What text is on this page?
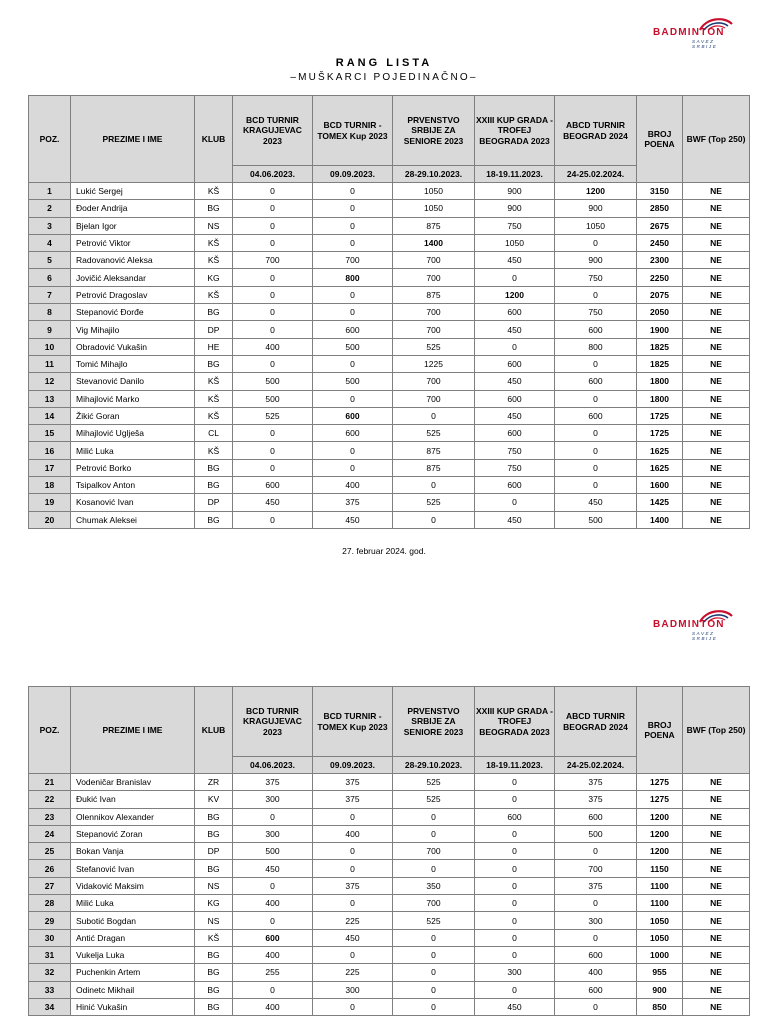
BADMINTON
SAVEZ SRBIJE
RANG LISTA
–MUŠKARCI POJEDINAČNO–
POZ.	PREZIME I IME	KLUB	BCD TURNIR KRAGUJEVAC 2023	BCD TURNIR - TOMEX Kup 2023	PRVENSTVO SRBIJE ZA SENIORE 2023	XXIII KUP GRADA - TROFEJ BEOGRADA 2023	ABCD TURNIR BEOGRAD 2024	BROJ POENA	BWF (Top 250)
			04.06.2023.	09.09.2023.	28-29.10.2023.	18-19.11.2023.	24-25.02.2024.		
1	Lukić Sergej	KŠ	0	0	1050	900	1200	3150	NE
2	Đoder Andrija	BG	0	0	1050	900	900	2850	NE
3	Bjelan Igor	NS	0	0	875	750	1050	2675	NE
4	Petrović Viktor	KŠ	0	0	1400	1050	0	2450	NE
5	Radovanović Aleksa	KŠ	700	700	700	450	900	2300	NE
6	Jovičić Aleksandar	KG	0	800	700	0	750	2250	NE
7	Petrović Dragoslav	KŠ	0	0	875	1200	0	2075	NE
8	Stepanović Đorđe	BG	0	0	700	600	750	2050	NE
9	Vig Mihajilo	DP	0	600	700	450	600	1900	NE
10	Obradović Vukašin	HE	400	500	525	0	800	1825	NE
11	Tomić Mihajlo	BG	0	0	1225	600	0	1825	NE
12	Stevanović Danilo	KŠ	500	500	700	450	600	1800	NE
13	Mihajlović Marko	KŠ	500	0	700	600	0	1800	NE
14	Žikić Goran	KŠ	525	600	0	450	600	1725	NE
15	Mihajlović Uglješa	CL	0	600	525	600	0	1725	NE
16	Milić Luka	KŠ	0	0	875	750	0	1625	NE
17	Petrović Borko	BG	0	0	875	750	0	1625	NE
18	Tsipalkov Anton	BG	600	400	0	600	0	1600	NE
19	Kosanović Ivan	DP	450	375	525	0	450	1425	NE
20	Chumak Aleksei	BG	0	450	0	450	500	1400	NE
27. februar 2024. god.
BADMINTON
SAVEZ SRBIJE
POZ.	PREZIME I IME	KLUB	BCD TURNIR KRAGUJEVAC 2023	BCD TURNIR - TOMEX Kup 2023	PRVENSTVO SRBIJE ZA SENIORE 2023	XXIII KUP GRADA - TROFEJ BEOGRADA 2023	ABCD TURNIR BEOGRAD 2024	BROJ POENA	BWF (Top 250)
			04.06.2023.	09.09.2023.	28-29.10.2023.	18-19.11.2023.	24-25.02.2024.		
21	Vodeničar Branislav	ZR	375	375	525	0	375	1275	NE
22	Đukić Ivan	KV	300	375	525	0	375	1275	NE
23	Olennikov Alexander	BG	0	0	0	600	600	1200	NE
24	Stepanović Zoran	BG	300	400	0	0	500	1200	NE
25	Bokan Vanja	DP	500	0	700	0	0	1200	NE
26	Stefanović Ivan	BG	450	0	0	0	700	1150	NE
27	Vidaković Maksim	NS	0	375	350	0	375	1100	NE
28	Milić Luka	KG	400	0	700	0	0	1100	NE
29	Subotić Bogdan	NS	0	225	525	0	300	1050	NE
30	Antić Dragan	KŠ	600	450	0	0	0	1050	NE
31	Vukelja Luka	BG	400	0	0	0	600	1000	NE
32	Puchenkin Artem	BG	255	225	0	300	400	955	NE
33	Odinetc Mikhail	BG	0	300	0	0	600	900	NE
34	Hinić Vukašin	BG	400	0	0	450	0	850	NE
